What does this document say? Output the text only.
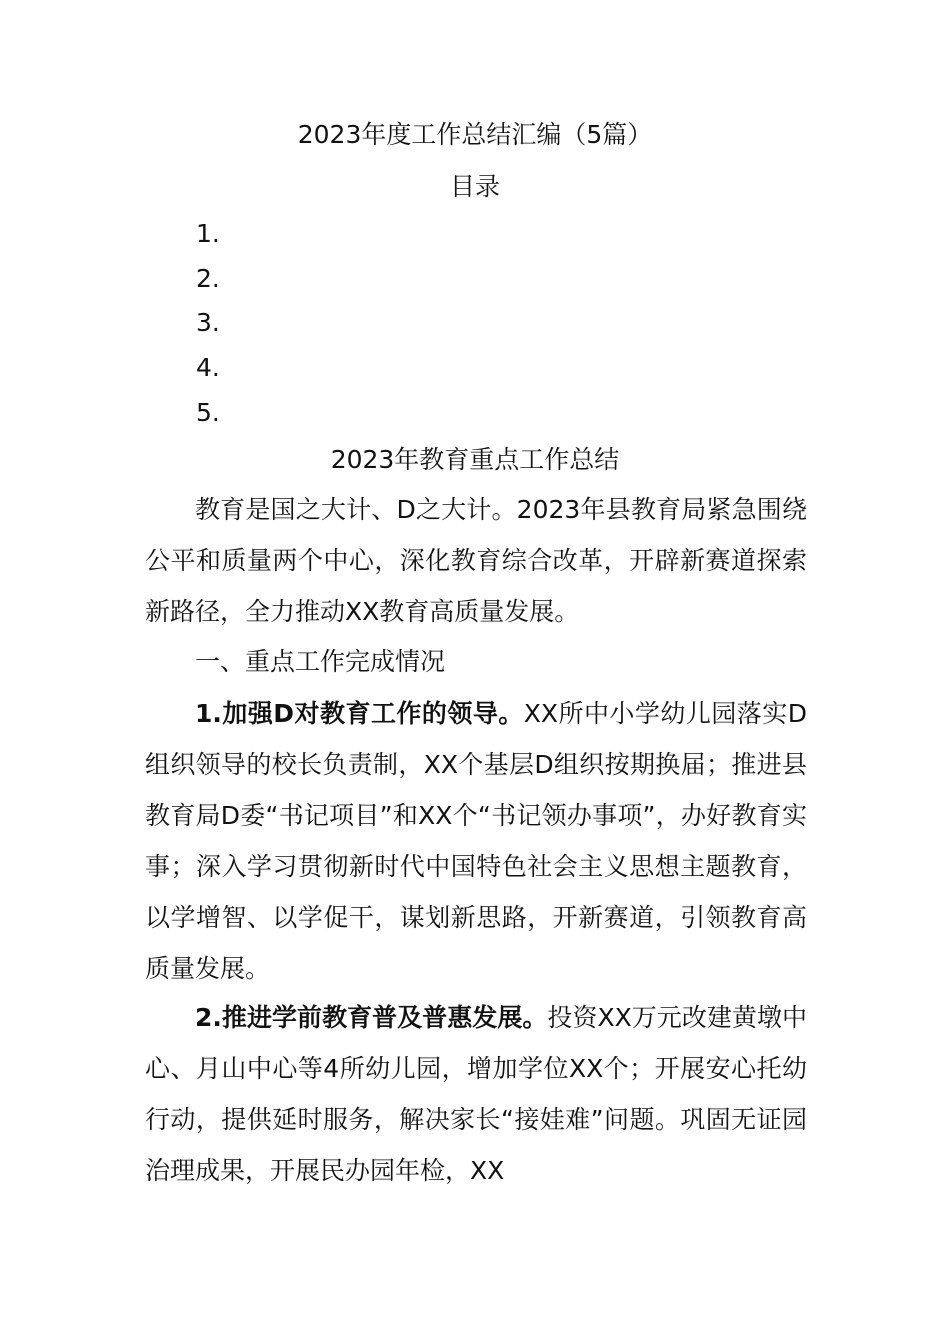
2023年度工作总结汇编（5篇）
目录
1.
2.
3.
4.
5.
2023年教育重点工作总结

教育是国之大计、D之大计。2023年县教育局紧急围绕公平和质量两个中心，深化教育综合改革，开辟新赛道探索新路径，全力推动XX教育高质量发展。

一、重点工作完成情况

1.加强D对教育工作的领导。XX所中小学幼儿园落实D组织领导的校长负责制，XX个基层D组织按期换届；推进县教育局D委“书记项目”和XX个“书记领办事项”，办好教育实事；深入学习贯彻新时代中国特色社会主义思想主题教育，以学增智、以学促干，谋划新思路，开新赛道，引领教育高质量发展。

2.推进学前教育普及普惠发展。投资XX万元改建黄墩中心、月山中心等4所幼儿园，增加学位XX个；开展安心托幼行动，提供延时服务，解决家长“接娃难”问题。巩固无证园治理成果，开展民办园年检，XX
